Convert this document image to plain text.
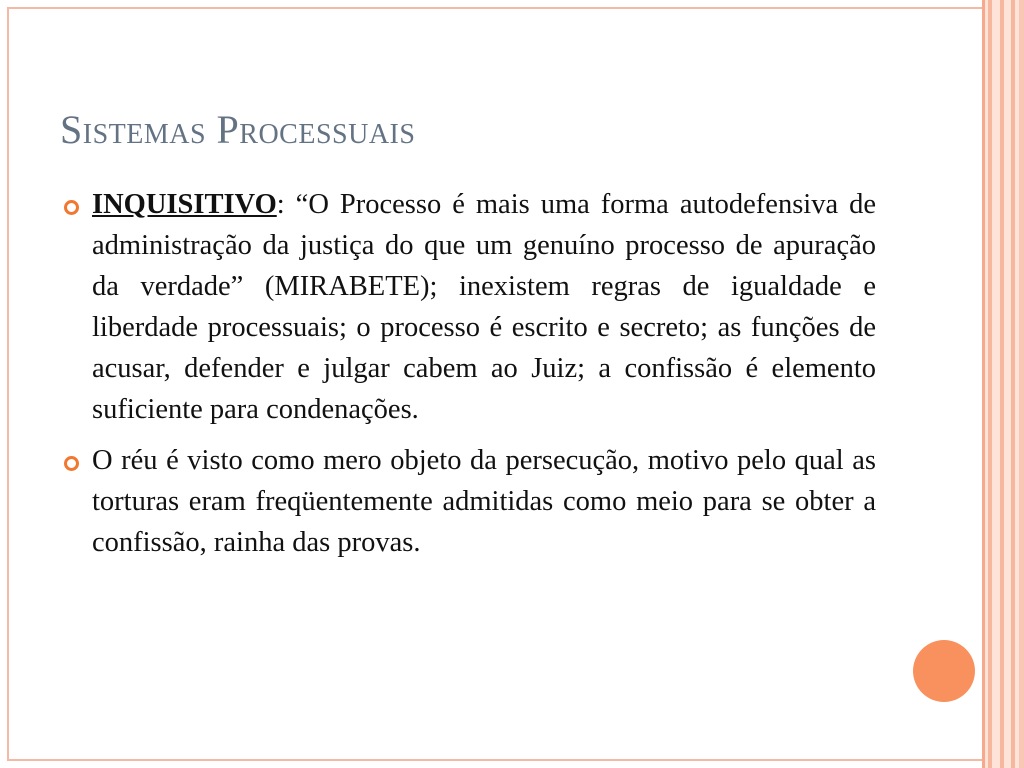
Sistemas Processuais
INQUISITIVO: “O Processo é mais uma forma autodefensiva de administração da justiça do que um genuíno processo de apuração da verdade” (MIRABETE); inexistem regras de igualdade e liberdade processuais; o processo é escrito e secreto; as funções de acusar, defender e julgar cabem ao Juiz; a confissão é elemento suficiente para condenações.
O réu é visto como mero objeto da persecução, motivo pelo qual as torturas eram freqüentemente admitidas como meio para se obter a confissão, rainha das provas.
